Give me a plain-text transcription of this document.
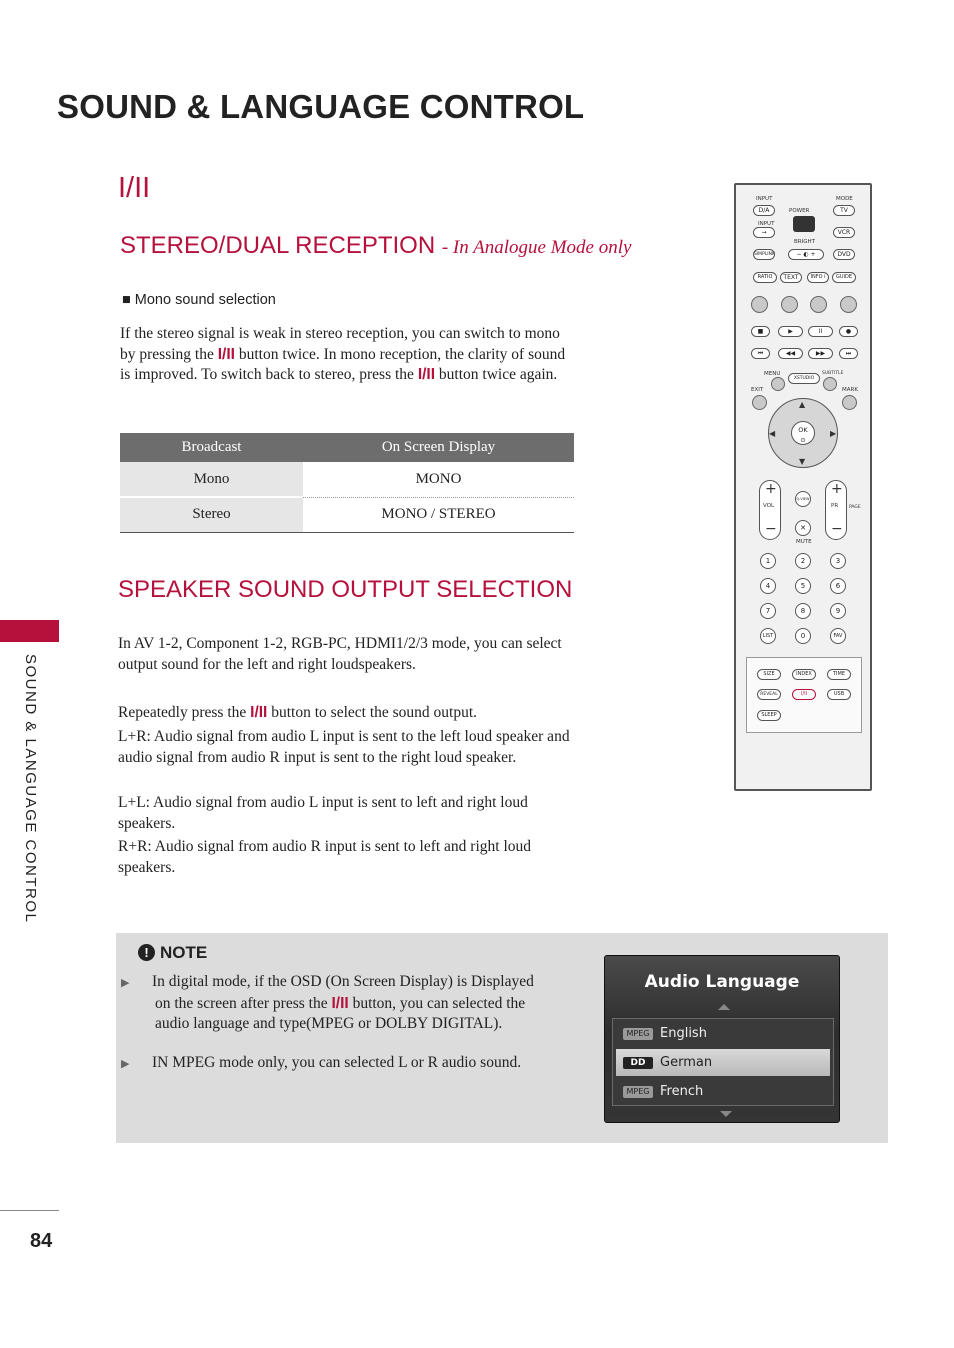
SOUND & LANGUAGE CONTROL
I/II
SOUND & LANGUAGE CONTROL
84
STEREO/DUAL RECEPTION - In Analogue Mode only
■ Mono sound selection
If the stereo signal is weak in stereo reception, you can switch to mono by pressing the I/II button twice. In mono reception, the clarity of sound is improved. To switch back to stereo, press the I/II button twice again.
Broadcast	On Screen Display
Mono	MONO
Stereo	MONO / STEREO
SPEAKER SOUND OUTPUT SELECTION
In AV 1-2, Component 1-2, RGB-PC, HDMI1/2/3 mode, you can select output sound for the left and right loudspeakers.
Repeatedly press the I/II button to select the sound output.
L+R: Audio signal from audio L input is sent to the left loud speaker and audio signal from audio R input is sent to the right loud speaker.
L+L: Audio signal from audio L input is sent to left and right loud speakers.
R+R: Audio signal from audio R input is sent to left and right loud speakers.
! NOTE
▶ In digital mode, if the OSD (On Screen Display) is Displayed on the screen after press the I/II button, you can selected the audio language and type(MPEG or DOLBY DIGITAL).
▶ IN MPEG mode only, you can selected L or R audio sound.
Audio Language
MPEG English
DD	German
MPEG French
INPUT	MODE
D/A	POWER	TV
INPUT
→	VCR
BRIGHT
SIMPLINK	− ◐ +	DVD
RATIO	TEXT	INFO i	GUIDE
■	▶	II	●
⏮	◀◀	▶▶	⏭
MENU	SUBTITLE
XSTUDIO
EXIT	MARK
▲
▼
◀	▶
OK
⊙
+
VOL
−
+
PR
−
PAGE
Q.VIEW
✕
MUTE
1	2	3
4	5	6
7	8	9
LIST	0	FAV
SIZE	INDEX	TIME
REVEAL	I/II	USB
SLEEP
